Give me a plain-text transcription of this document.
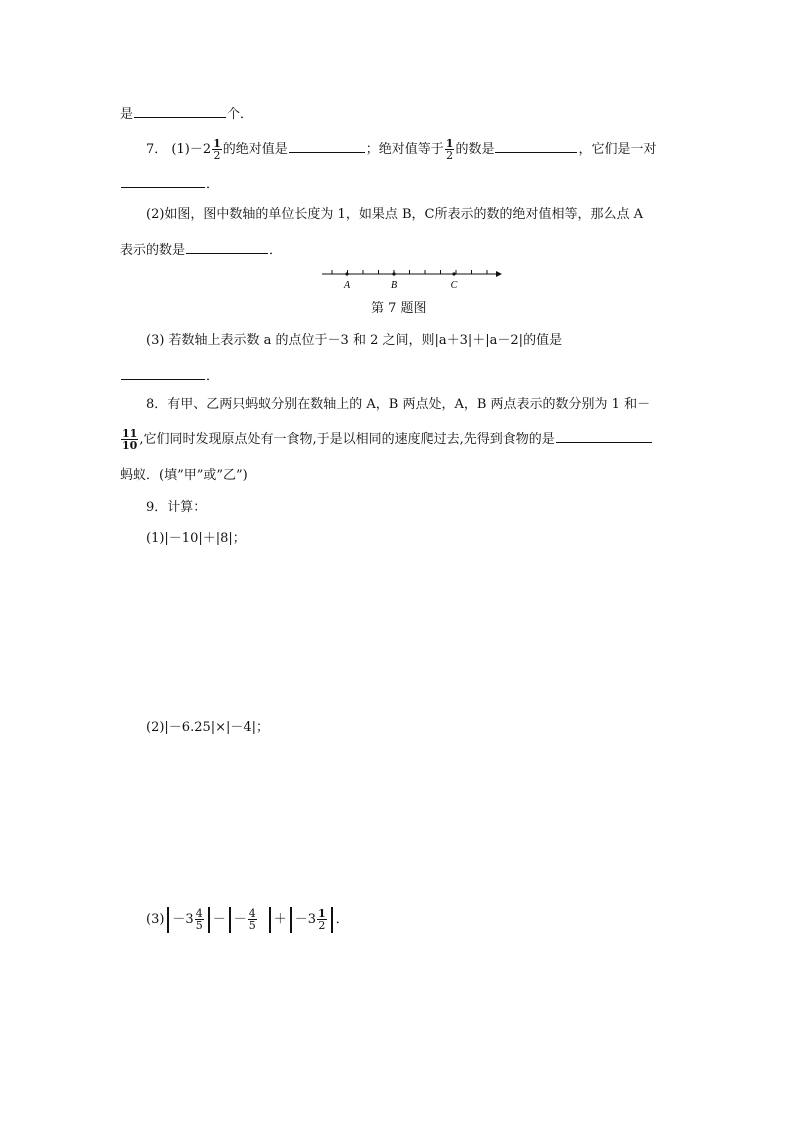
是	个．
7． $(1)-2 \frac{1}{2}$ 的绝对值是	；绝对值等于 $\frac{1}{2}$ 的数是	，它们是一对
．
(2)如图，图中数轴的单位长度为 1，如果点 B，C所表示的数的绝对值相等，那么点 A
表示的数是	．
A	B	C
第 7 题图
(3) 若数轴上表示数 a 的点位于－3 和 2 之间，则|a＋3|＋|a－2|的值是
．
8．有甲、乙两只蚂蚁分别在数轴上的 A，B 两点处，A，B 两点表示的数分别为 1 和－
$\frac{11}{10}$ ,它们同时发现原点处有一食物,于是以相同的速度爬过去,先得到食物的是
蚂蚁．(填”甲”或”乙”)
9．计算：
(1)|－10|＋|8|；
(2)|－6.25|×|－4|；
$(3) -3 \frac{4}{5}$ － － $\frac{4}{5} + -3 \frac{1}{2}$ ．
